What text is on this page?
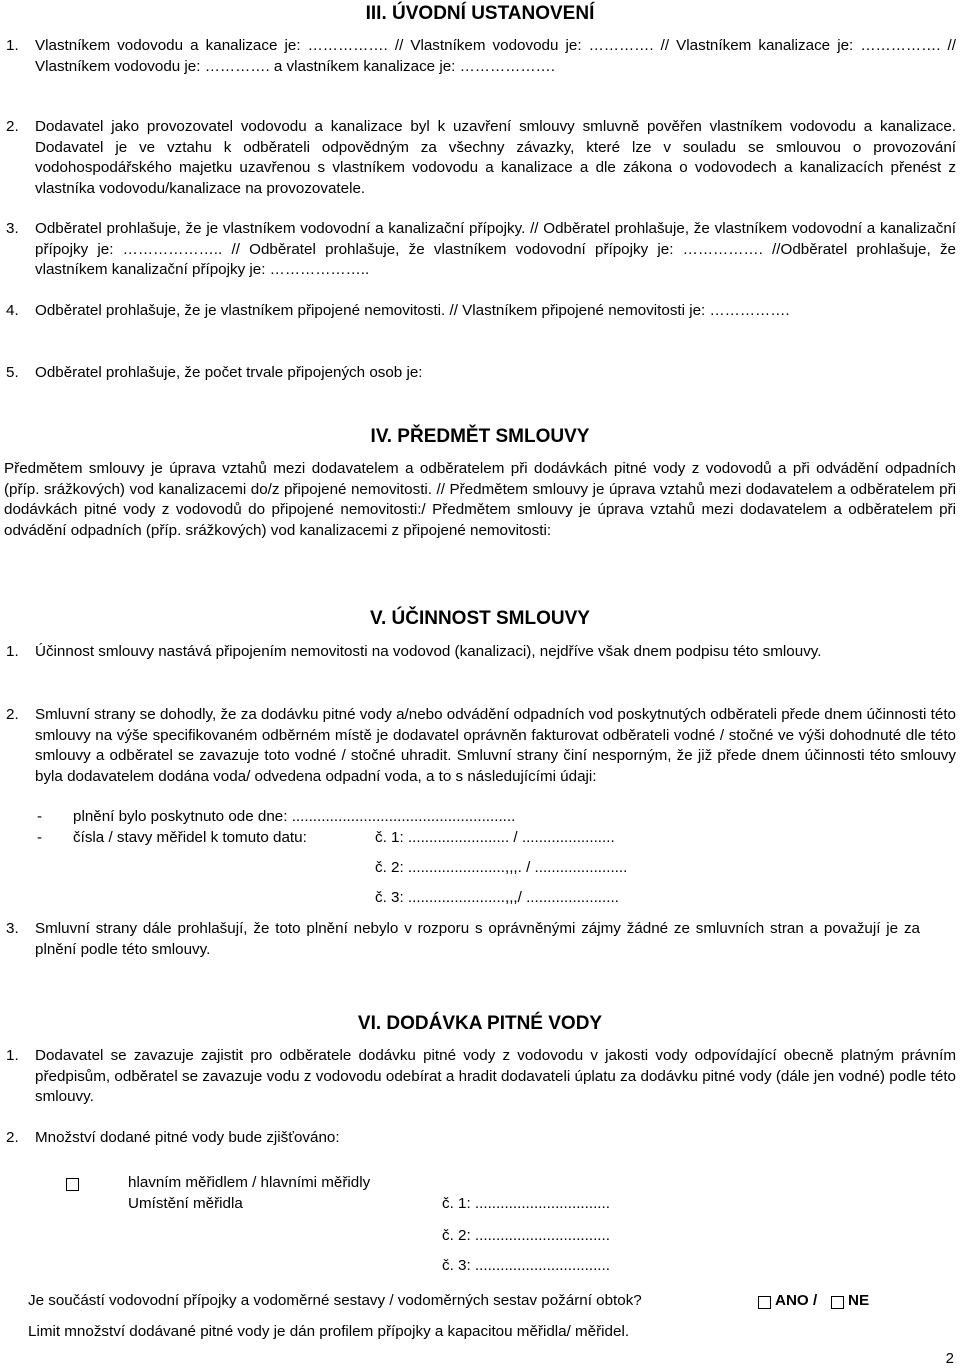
III. ÚVODNÍ USTANOVENÍ
1. Vlastníkem vodovodu a kanalizace je: ……………. // Vlastníkem vodovodu je: …………. // Vlastníkem kanalizace je: ……………. // Vlastníkem vodovodu je: …………. a vlastníkem kanalizace je: ……………….
2. Dodavatel jako provozovatel vodovodu a kanalizace byl k uzavření smlouvy smluvně pověřen vlastníkem vodovodu a kanalizace. Dodavatel je ve vztahu k odběrateli odpovědným za všechny závazky, které lze v souladu se smlouvou o provozování vodohospodářského majetku uzavřenou s vlastníkem vodovodu a kanalizace a dle zákona o vodovodech a kanalizacích přenést z vlastníka vodovodu/kanalizace na provozovatele.
3. Odběratel prohlašuje, že je vlastníkem vodovodní a kanalizační přípojky. // Odběratel prohlašuje, že vlastníkem vodovodní a kanalizační přípojky je: ……………….. // Odběratel prohlašuje, že vlastníkem vodovodní přípojky je: ……………. //Odběratel prohlašuje, že vlastníkem kanalizační přípojky je: ………………..
4. Odběratel prohlašuje, že je vlastníkem připojené nemovitosti. // Vlastníkem připojené nemovitosti je: …………….
5. Odběratel prohlašuje, že počet trvale připojených osob je:
IV. PŘEDMĚT SMLOUVY
Předmětem smlouvy je úprava vztahů mezi dodavatelem a odběratelem při dodávkách pitné vody z vodovodů a při odvádění odpadních (příp. srážkových) vod kanalizacemi do/z připojené nemovitosti. // Předmětem smlouvy je úprava vztahů mezi dodavatelem a odběratelem při dodávkách pitné vody z vodovodů do připojené nemovitosti:/ Předmětem smlouvy je úprava vztahů mezi dodavatelem a odběratelem při odvádění odpadních (příp. srážkových) vod kanalizacemi z připojené nemovitosti:
V. ÚČINNOST SMLOUVY
1. Účinnost smlouvy nastává připojením nemovitosti na vodovod (kanalizaci), nejdříve však dnem podpisu této smlouvy.
2. Smluvní strany se dohodly, že za dodávku pitné vody a/nebo odvádění odpadních vod poskytnutých odběrateli přede dnem účinnosti této smlouvy na výše specifikovaném odběrném místě je dodavatel oprávněn fakturovat odběrateli vodné / stočné ve výši dohodnuté dle této smlouvy a odběratel se zavazuje toto vodné / stočné uhradit. Smluvní strany činí nesporným, že již přede dnem účinnosti této smlouvy byla dodavatelem dodána voda/ odvedena odpadní voda, a to s následujícími údaji:
- plnění bylo poskytnuto ode dne: .....................................................
- čísla / stavy měřidel k tomuto datu:	č. 1: ........................ / ......................
č. 2: .......................,,,. / ......................
č. 3: .......................,,,/ ......................
3. Smluvní strany dále prohlašují, že toto plnění nebylo v rozporu s oprávněnými zájmy žádné ze smluvních stran a považují je za plnění podle této smlouvy.
VI. DODÁVKA PITNÉ VODY
1. Dodavatel se zavazuje zajistit pro odběratele dodávku pitné vody z vodovodu v jakosti vody odpovídající obecně platným právním předpisům, odběratel se zavazuje vodu z vodovodu odebírat a hradit dodavateli úplatu za dodávku pitné vody (dále jen vodné) podle této smlouvy.
2. Množství dodané pitné vody bude zjišťováno:
hlavním měřidlem / hlavními měřidly
Umístění měřidla	č. 1: ................................
č. 2: ................................
č. 3: ................................
Je součástí vodovodní přípojky a vodoměrné sestavy / vodoměrných sestav požární obtok?	ANO / NE
Limit množství dodávané pitné vody je dán profilem přípojky a kapacitou měřidla/ měřidel.
2
